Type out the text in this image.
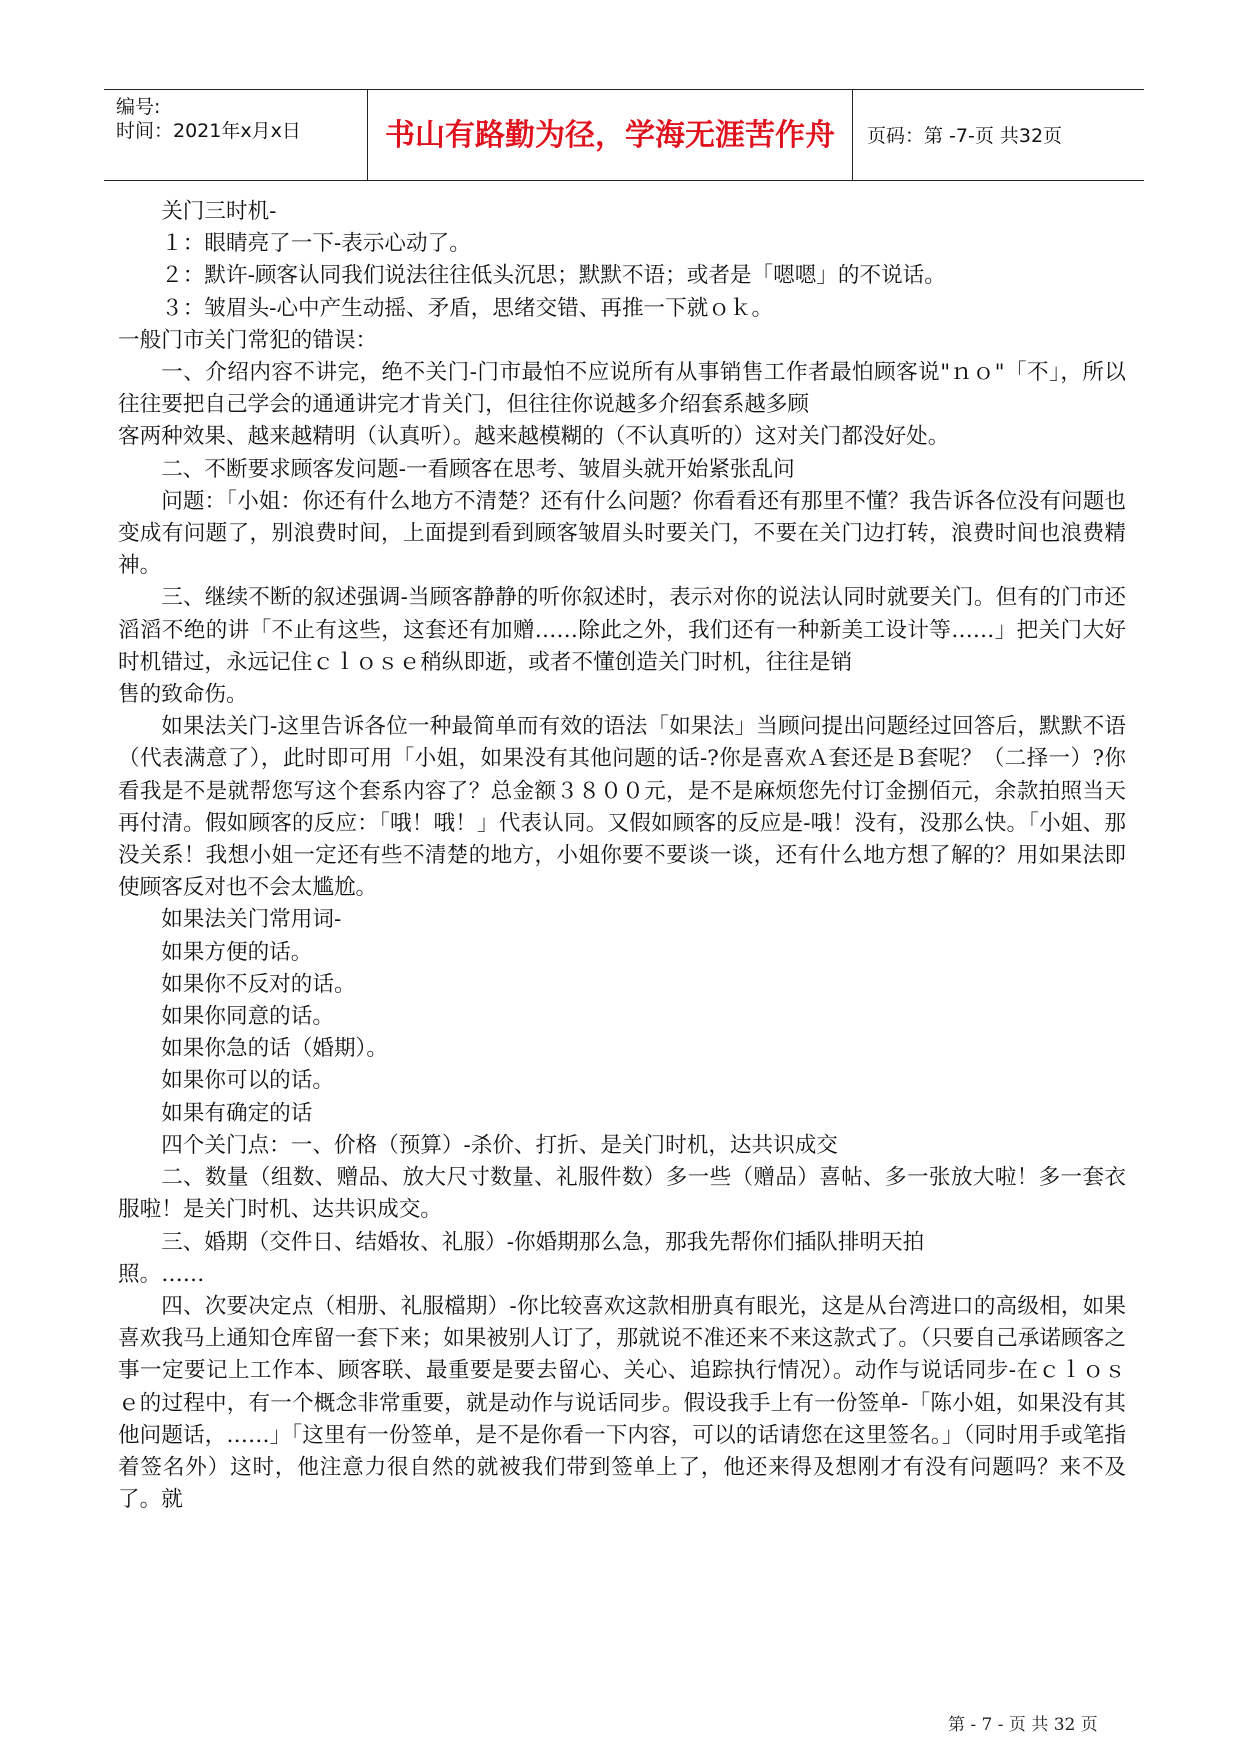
编号:
时间：2021年x月x日	书山有路勤为径，学海无涯苦作舟	页码：第 -7-页 共32页

关门三时机-

１：眼睛亮了一下-表示心动了。

２：默许-顾客认同我们说法往往低头沉思；默默不语；或者是「嗯嗯」的不说话。

３：皱眉头-心中产生动摇、矛盾，思绪交错、再推一下就ｏｋ。

一般门市关门常犯的错误：

一、介绍内容不讲完，绝不关门-门市最怕不应说所有从事销售工作者最怕顾客说"ｎｏ"「不」，所以往往要把自己学会的通通讲完才肯关门，但往往你说越多介绍套系越多顾

客两种效果、越来越精明（认真听）。越来越模糊的（不认真听的）这对关门都没好处。

二、不断要求顾客发问题-一看顾客在思考、皱眉头就开始紧张乱问

问题：「小姐：你还有什么地方不清楚？还有什么问题？你看看还有那里不懂？我告诉各位没有问题也变成有问题了，别浪费时间，上面提到看到顾客皱眉头时要关门，不要在关门边打转，浪费时间也浪费精神。

三、继续不断的叙述强调-当顾客静静的听你叙述时，表示对你的说法认同时就要关门。但有的门市还滔滔不绝的讲「不止有这些，这套还有加赠……除此之外，我们还有一种新美工设计等……」把关门大好时机错过，永远记住ｃｌｏｓｅ稍纵即逝，或者不懂创造关门时机，往往是销

售的致命伤。

如果法关门-这里告诉各位一种最简单而有效的语法「如果法」当顾问提出问题经过回答后，默默不语（代表满意了），此时即可用「小姐，如果没有其他问题的话-?你是喜欢Ａ套还是Ｂ套呢？（二择一）?你看我是不是就帮您写这个套系内容了？总金额３８００元，是不是麻烦您先付订金捌佰元，余款拍照当天再付清。假如顾客的反应：「哦！哦！」代表认同。又假如顾客的反应是-哦！没有，没那么快。「小姐、那没关系！我想小姐一定还有些不清楚的地方，小姐你要不要谈一谈，还有什么地方想了解的？用如果法即使顾客反对也不会太尴尬。

如果法关门常用词-

如果方便的话。

如果你不反对的话。

如果你同意的话。

如果你急的话（婚期）。

如果你可以的话。

如果有确定的话

四个关门点：一、价格（预算）-杀价、打折、是关门时机，达共识成交

二、数量（组数、赠品、放大尺寸数量、礼服件数）多一些（赠品）喜帖、多一张放大啦！多一套衣服啦！是关门时机、达共识成交。

三、婚期（交件日、结婚妆、礼服）-你婚期那么急，那我先帮你们插队排明天拍

照。……

四、次要决定点（相册、礼服檔期）-你比较喜欢这款相册真有眼光，这是从台湾进口的高级相，如果喜欢我马上通知仓库留一套下来；如果被别人订了，那就说不准还来不来这款式了。（只要自己承诺顾客之事一定要记上工作本、顾客联、最重要是要去留心、关心、追踪执行情况）。动作与说话同步-在ｃｌｏｓｅ的过程中，有一个概念非常重要，就是动作与说话同步。假设我手上有一份签单-「陈小姐，如果没有其他问题话，……」「这里有一份签单，是不是你看一下内容，可以的话请您在这里签名。」（同时用手或笔指着签名外）这时，他注意力很自然的就被我们带到签单上了，他还来得及想刚才有没有问题吗？来不及了。就

第 - 7 - 页 共 32 页
